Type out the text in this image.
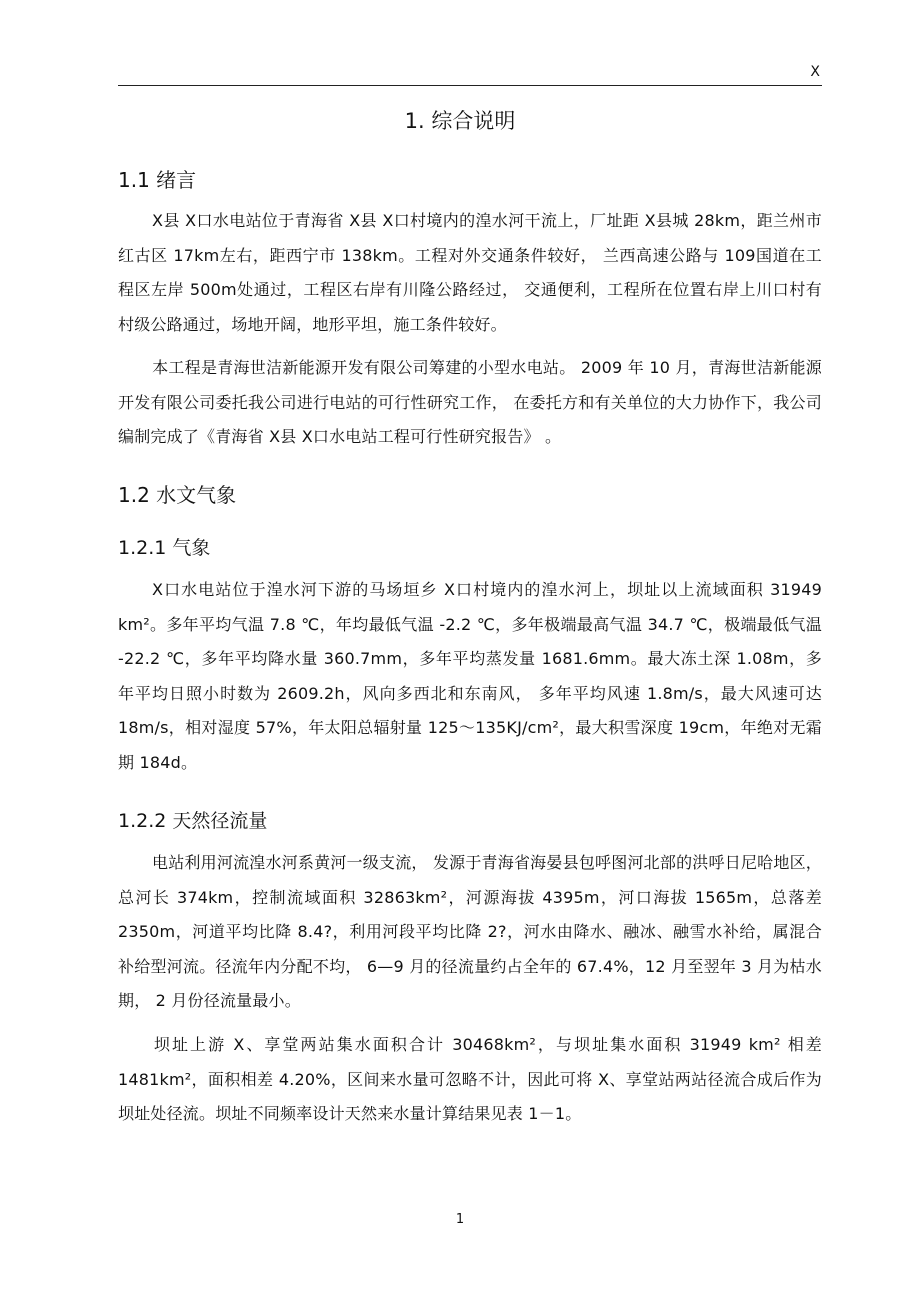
X
1. 综合说明
1.1 绪言
X县 X口水电站位于青海省 X县 X口村境内的湟水河干流上，厂址距 X县城 28km，距兰州市红古区 17km左右，距西宁市 138km。工程对外交通条件较好， 兰西高速公路与 109国道在工程区左岸 500m处通过，工程区右岸有川隆公路经过， 交通便利，工程所在位置右岸上川口村有村级公路通过，场地开阔，地形平坦，施工条件较好。
本工程是青海世洁新能源开发有限公司筹建的小型水电站。 2009 年 10 月，青海世洁新能源开发有限公司委托我公司进行电站的可行性研究工作， 在委托方和有关单位的大力协作下，我公司编制完成了《青海省 X县 X口水电站工程可行性研究报告》 。
1.2 水文气象
1.2.1 气象
X口水电站位于湟水河下游的马场垣乡 X口村境内的湟水河上，坝址以上流域面积 31949 km²。多年平均气温 7.8 ℃，年均最低气温 -2.2 ℃，多年极端最高气温 34.7 ℃，极端最低气温 -22.2 ℃，多年平均降水量 360.7mm，多年平均蒸发量 1681.6mm。最大冻土深 1.08m，多年平均日照小时数为 2609.2h，风向多西北和东南风， 多年平均风速 1.8m/s，最大风速可达 18m/s，相对湿度 57%，年太阳总辐射量 125～135KJ/cm²，最大积雪深度 19cm，年绝对无霜期 184d。
1.2.2 天然径流量
电站利用河流湟水河系黄河一级支流， 发源于青海省海晏县包呼图河北部的洪呼日尼哈地区，总河长 374km，控制流域面积 32863km²，河源海拔 4395m，河口海拔 1565m，总落差 2350m，河道平均比降 8.4?，利用河段平均比降 2?，河水由降水、融冰、融雪水补给，属混合补给型河流。径流年内分配不均， 6—9 月的径流量约占全年的 67.4%，12 月至翌年 3 月为枯水期， 2 月份径流量最小。
坝址上游 X、享堂两站集水面积合计 30468km²，与坝址集水面积 31949 km² 相差 1481km²，面积相差 4.20%，区间来水量可忽略不计，因此可将 X、享堂站两站径流合成后作为坝址处径流。坝址不同频率设计天然来水量计算结果见表 1－1。
1
